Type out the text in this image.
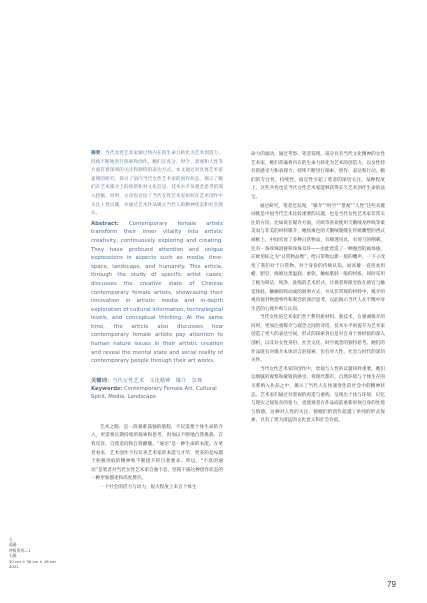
摘要：当代女性艺术家通过将内在的生命力转化为艺术创造力，持续不断地进行探索和创作。她们在真分、时空、景观和人性等方面有着探到的关注和独特的表达方式。本文通过对具体艺术家案例的研究，探讨了国内当代女性艺术家的创作状态，揭示了她们在艺术媒介上的创新和对文化信息、技术水平及观念思考的深入挖掘。同时，文章也讨论了当代女性艺术家如何在艺术创作中关注人性议题，并通过艺术作品揭示当代人的精神状态和社会现实。
Abstract: Contemporary female artists transform their inner vitality into artistic creativity, continuously exploring and creating. They have profound attention and unique expressions in aspects such as media, time-space, landscape, and humanity. This article, through the study of specific artist cases, discusses the creative state of Chinese contemporary female artists, showcasing their innovation in artistic media and in-depth exploration of cultural information, technological levels, and conceptual thinking. At the same time, the article also discusses how contemporary female artists pay attention to human nature issues in their artistic creation and reveal the mental state and social reality of contemporary people through their art works.
关键词：当代女性艺术　文化精神　媒介　景观
Keywords: Contemporary Female Art, Cultural Spirit, Media, Landscape

艺术之路，是一段艰难孤独的旅程，不仅需要个体生命的介入，更需要长期持续的探索和思考，再加以不断地自我挑战、自我反省、自我追问和自我颠覆。“通达”是一种生命的本能。在笔者看来，艺术创作不仅仅喜艺术家的本能与才华，更多的是每越于积极进取的精神和不断提升的自我要求。所以，“不息的通动”是笔者对当代女性艺术家自强不息、坚韧不拔这种创作状态的一种形象描述和高度赞许。

一个社会的活力与动力，很大程度上来自个体生

命力的涌动。通过考察、笔者发现，部分具有当代文化精神的女性艺术家，她们普遍将内在的生命力转化为艺术的创造力，以女性特有的感受力和表现力，持续不断进行探索、创作、表达和行动。她们的专注性、持续性、稳定性引起了笔者的深切关注，某种程度上，这些共性也是当代女性艺术家能够获得长久艺术创作生命的法宝。

通过研究，笔者还发现，“媒介”“时空”“景观”“人性”这些关键词既是中国当代艺术比较重要的议题，也是当代女性艺术家非常关注的方向。比如说在媒介方面，应欧等喜欢使用天鹅绒及纱线等柔美而与非美的材料媒介，她将寓色的天鹅绒裹缝在传统雕塑的西式画框上，中间夹放了多种日常物品，有剔透用具，有剪刀的倒刺，还有一条珍珠项链和珍珠耳环——由此营造了一种强烈的画场感。应欧用标之为“日常物品像”，给日常物以新一般的嘴声，一下子改变了我们对于日常物、对于身份的传统认知。而高璇一直喜欢用蜡、肥皂、海绵这类温润、柔软、触如肌肤一般的材质，同时采用了极为简洁、纯净、洗练的艺术形式，让观者将眼光收在感官与触觉体验、触触的鸣动或的叙事方式，并从非常规的材料中，媒介的视角使对物理事件和观念的深层思考，以此揭示当代人在平衡中对生活的心理共鸣与认知。

当代女性的艺术家们善于利用新材料、新技术，在强调媒介的同时，更加注重媒介与观念之间的对话。技术水平的提升为艺术家创造了更大的表达空间，形式的探索背后是对自身个体经验的深入剖析，以及对女性身份、社会文化、时空观念的独特思考。她们的作品既有对媒介本体语言的探索，也有对人性、社会与时代的深切关怀。

当代女性艺术家的创作中，景观与人性的议题同样重要。她们以细腻的观察和敏锐的感受，将现代都市、自然环境与个体生存的关系纳入作品之中，揭示了当代人在快速变化的社会中的精神状态。艺术家们通过对景观的再造与重构，呈现出个体与环境、记忆与现实之间复杂的张力，也使观者在作品面前重新审视自身的处境与情感。这种对人性的关注，使她们的创作超越了单纯的形式探索，具有了更为深远的文化意义和社会价值。

左
高璇
呼吸系列—1
石蜡
50 cm × 38 cm × 18 cm
2021
79
